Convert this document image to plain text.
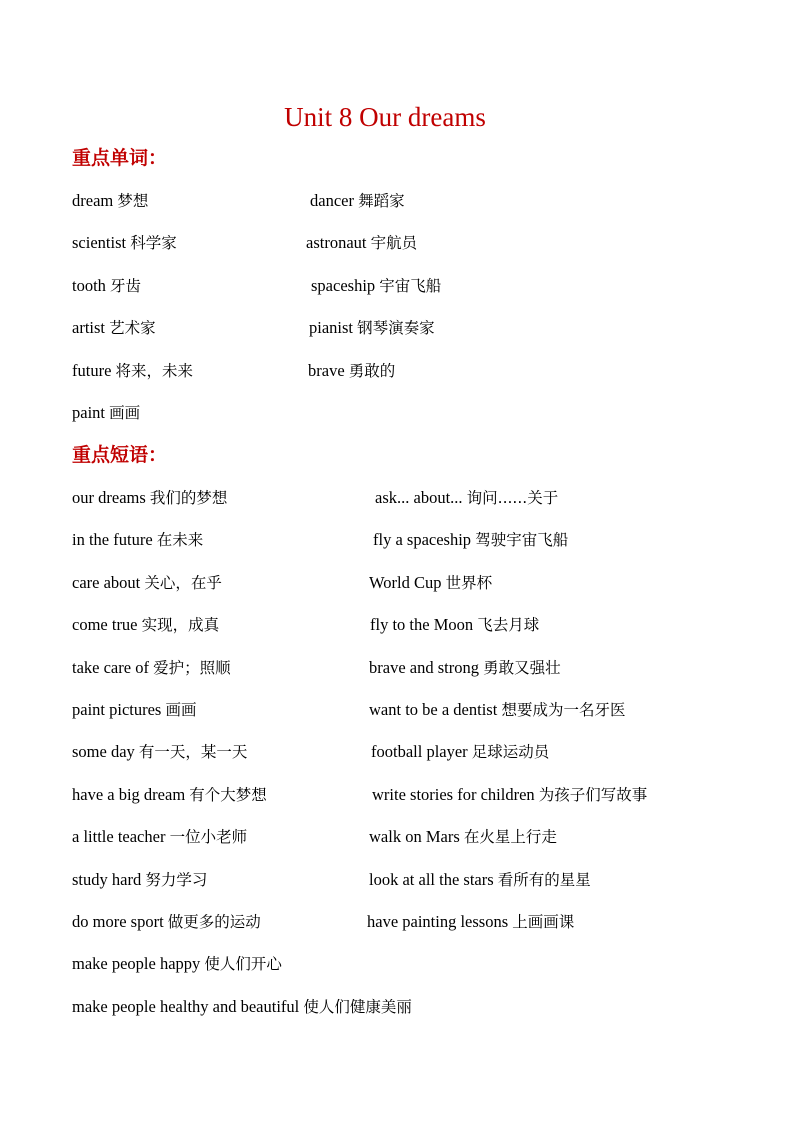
Unit 8 Our dreams
重点单词：
dream 梦想	dancer 舞蹈家
scientist 科学家	astronaut 宇航员
tooth 牙齿	spaceship 宇宙飞船
artist 艺术家	pianist 钢琴演奏家
future 将来，未来	brave 勇敢的
paint 画画
重点短语：
our dreams 我们的梦想	ask... about... 询问......关于
in the future 在未来	fly a spaceship 驾驶宇宙飞船
care about 关心，在乎	World Cup 世界杯
come true 实现，成真	fly to the Moon 飞去月球
take care of 爱护；照顺	brave and strong 勇敢又强壮
paint pictures 画画	want to be a dentist 想要成为一名牙医
some day 有一天，某一天	football player 足球运动员
have a big dream 有个大梦想	write stories for children 为孩子们写故事
a little teacher 一位小老师	walk on Mars 在火星上行走
study hard 努力学习	look at all the stars 看所有的星星
do more sport 做更多的运动	have painting lessons 上画画课
make people happy 使人们开心
make people healthy and beautiful 使人们健康美丽
